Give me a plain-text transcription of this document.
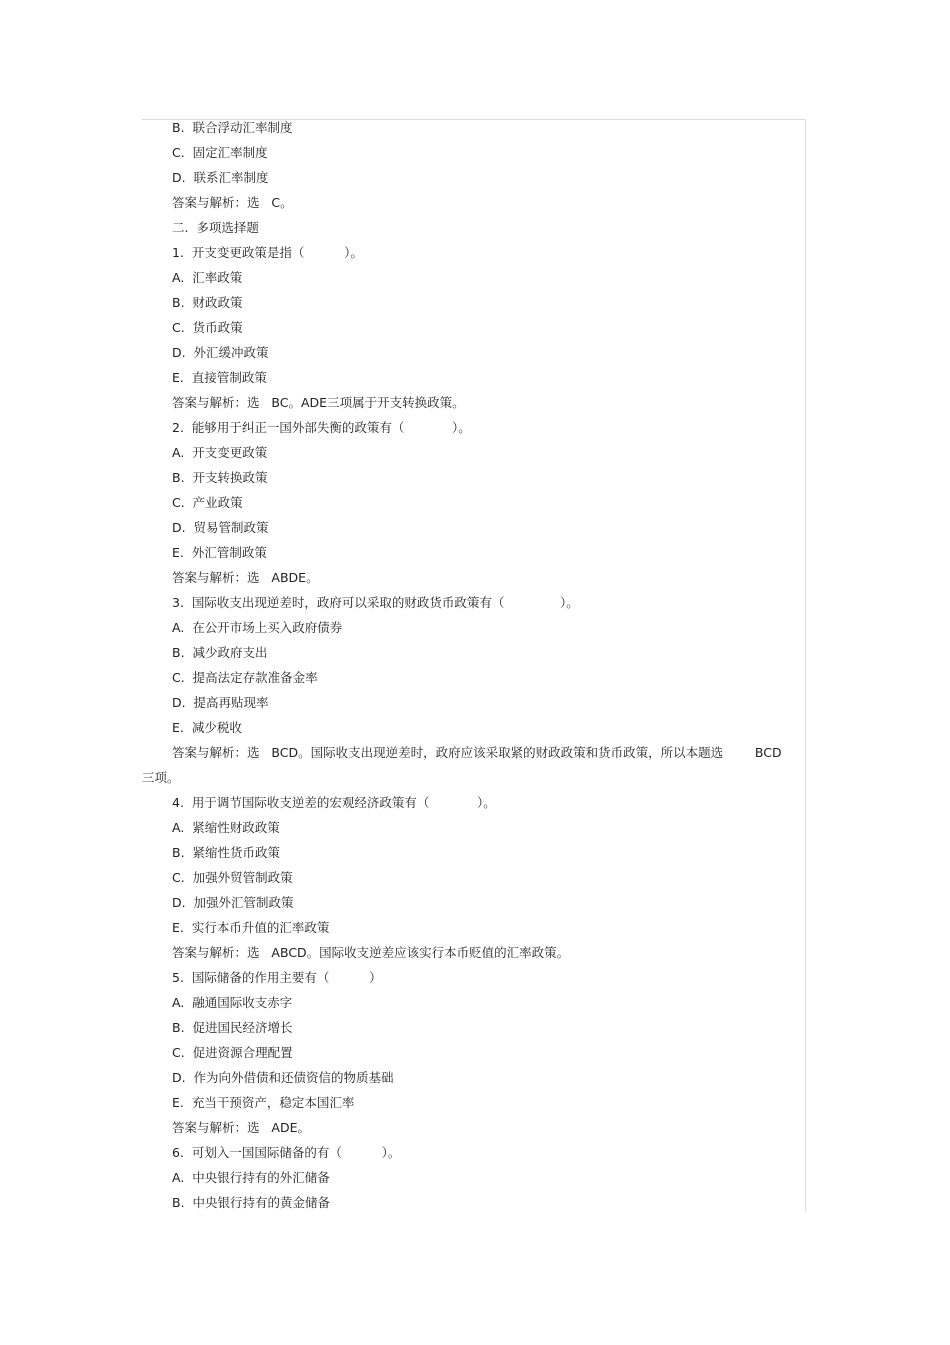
B.  联合浮动汇率制度
C.  固定汇率制度
D.  联系汇率制度
答案与解析：选   C。
二.  多项选择题
1.  开支变更政策是指（          ）。
A.  汇率政策
B.  财政政策
C.  货币政策
D.  外汇缓冲政策
E.  直接管制政策
答案与解析：选   BC。ADE三项属于开支转换政策。
2.  能够用于纠正一国外部失衡的政策有（            ）。
A.  开支变更政策
B.  开支转换政策
C.  产业政策
D.  贸易管制政策
E.  外汇管制政策
答案与解析：选   ABDE。
3.  国际收支出现逆差时，政府可以采取的财政货币政策有（              ）。
A.  在公开市场上买入政府债券
B.  减少政府支出
C.  提高法定存款准备金率
D.  提高再贴现率
E.  减少税收
答案与解析：选   BCD。国际收支出现逆差时，政府应该采取紧的财政政策和货币政策，所以本题选        BCD
三项。
4.  用于调节国际收支逆差的宏观经济政策有（            ）。
A.  紧缩性财政政策
B.  紧缩性货币政策
C.  加强外贸管制政策
D.  加强外汇管制政策
E.  实行本币升值的汇率政策
答案与解析：选   ABCD。国际收支逆差应该实行本币贬值的汇率政策。
5.  国际储备的作用主要有（          ）
A.  融通国际收支赤字
B.  促进国民经济增长
C.  促进资源合理配置
D.  作为向外借债和还债资信的物质基础
E.  充当干预资产，稳定本国汇率
答案与解析：选   ADE。
6.  可划入一国国际储备的有（          ）。
A.  中央银行持有的外汇储备
B.  中央银行持有的黄金储备
